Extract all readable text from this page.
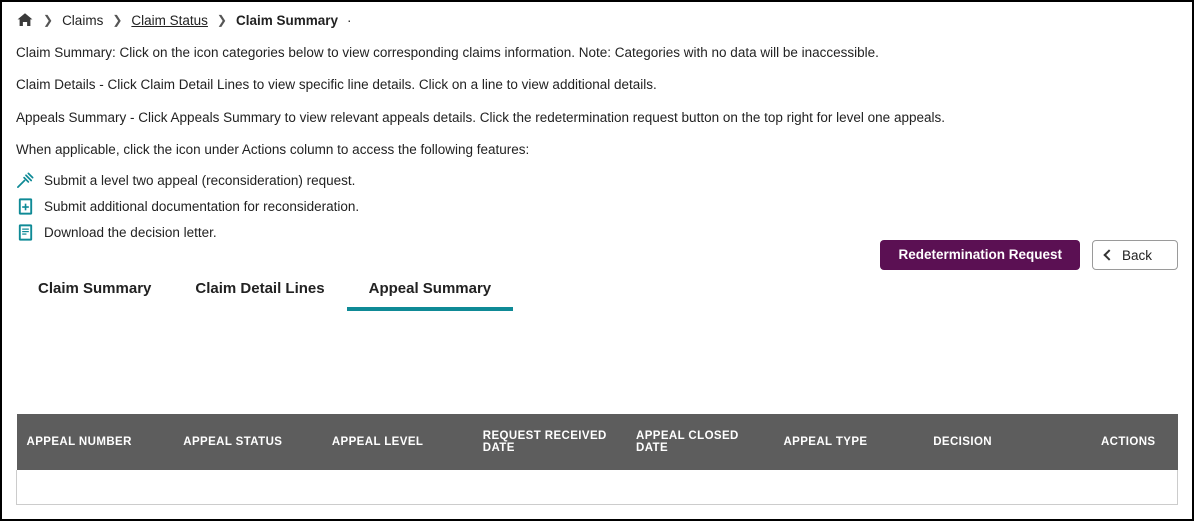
❯ Claims ❯ Claim Status ❯ Claim Summary ·

Claim Summary: Click on the icon categories below to view corresponding claims information. Note: Categories with no data will be inaccessible.

Claim Details - Click Claim Detail Lines to view specific line details. Click on a line to view additional details.

Appeals Summary - Click Appeals Summary to view relevant appeals details. Click the redetermination request button on the top right for level one appeals.

When applicable, click the icon under Actions column to access the following features:

Submit a level two appeal (reconsideration) request.
Submit additional documentation for reconsideration.
Download the decision letter.
Redetermination Request	Back
Claim Summary	Claim Detail Lines	Appeal Summary
APPEAL NUMBER	APPEAL STATUS	APPEAL LEVEL	REQUEST RECEIVED DATE	APPEAL CLOSED DATE	APPEAL TYPE	DECISION	ACTIONS
